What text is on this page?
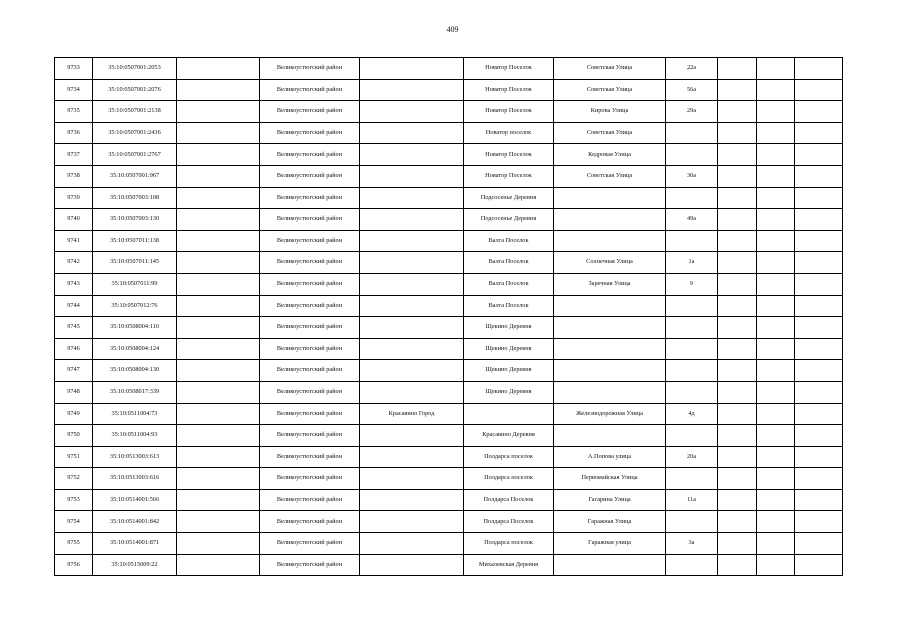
409
9733	35:10:0507001:2053		Великоустюгский район		Новатор Поселок	Советская Улица	22а			
9734	35:10:0507001:2076		Великоустюгский район		Новатор Поселок	Советская Улица	56а			
9735	35:10:0507001:2138		Великоустюгский район		Новатор Поселок	Кирова Улица	29а			
9736	35:10:0507001:2436		Великоустюгский район		Новатор поселок	Советская Улица				
9737	35:10:0507001:2767		Великоустюгский район		Новатор Поселок	Кедровая Улица				
9738	35:10:0507001:967		Великоустюгский район		Новатор Поселок	Советская Улица	30а			
9739	35:10:0507003:108		Великоустюгский район		Подсосенье Деревня					
9740	35:10:0507003:130		Великоустюгский район		Подсосенье Деревня		49а			
9741	35:10:0507011:138		Великоустюгский район		Валга Поселок					
9742	35:10:0507011:145		Великоустюгский район		Валга Поселок	Солнечная Улица	1а			
9743	35:10:0507011:99		Великоустюгский район		Валга Поселок	Заречная Улица	9			
9744	35:10:0507012:76		Великоустюгский район		Валга Поселок					
9745	35:10:0508004:110		Великоустюгский район		Щекино Деревня					
9746	35:10:0508004:124		Великоустюгский район		Щекино Деревня					
9747	35:10:0508004:130		Великоустюгский район		Щекино Деревня					
9748	35:10:0508017:339		Великоустюгский район		Щекино Деревня					
9749	35:10:0511004:73		Великоустюгский район	Красавино Город		Железнодорожная Улица	4д			
9750	35:10:0511004:93		Великоустюгский район		Красавино Деревня					
9751	35:10:0513003:613		Великоустюгский район		Полдарса поселок	А.Попова улица	20а			
9752	35:10:0513003:616		Великоустюгский район		Полдарса поселок	Первомайская Улица				
9753	35:10:0514001:566		Великоустюгский район		Полдарса Поселок	Гагарина Улица	11а			
9754	35:10:0514001:842		Великоустюгский район		Полдарса Поселок	Гаражная Улица				
9755	35:10:0514001:871		Великоустюгский район		Полдарса поселок	Гаражная улица	3а			
9756	35:10:0515009:22		Великоустюгский район		Михалевская Деревня					
